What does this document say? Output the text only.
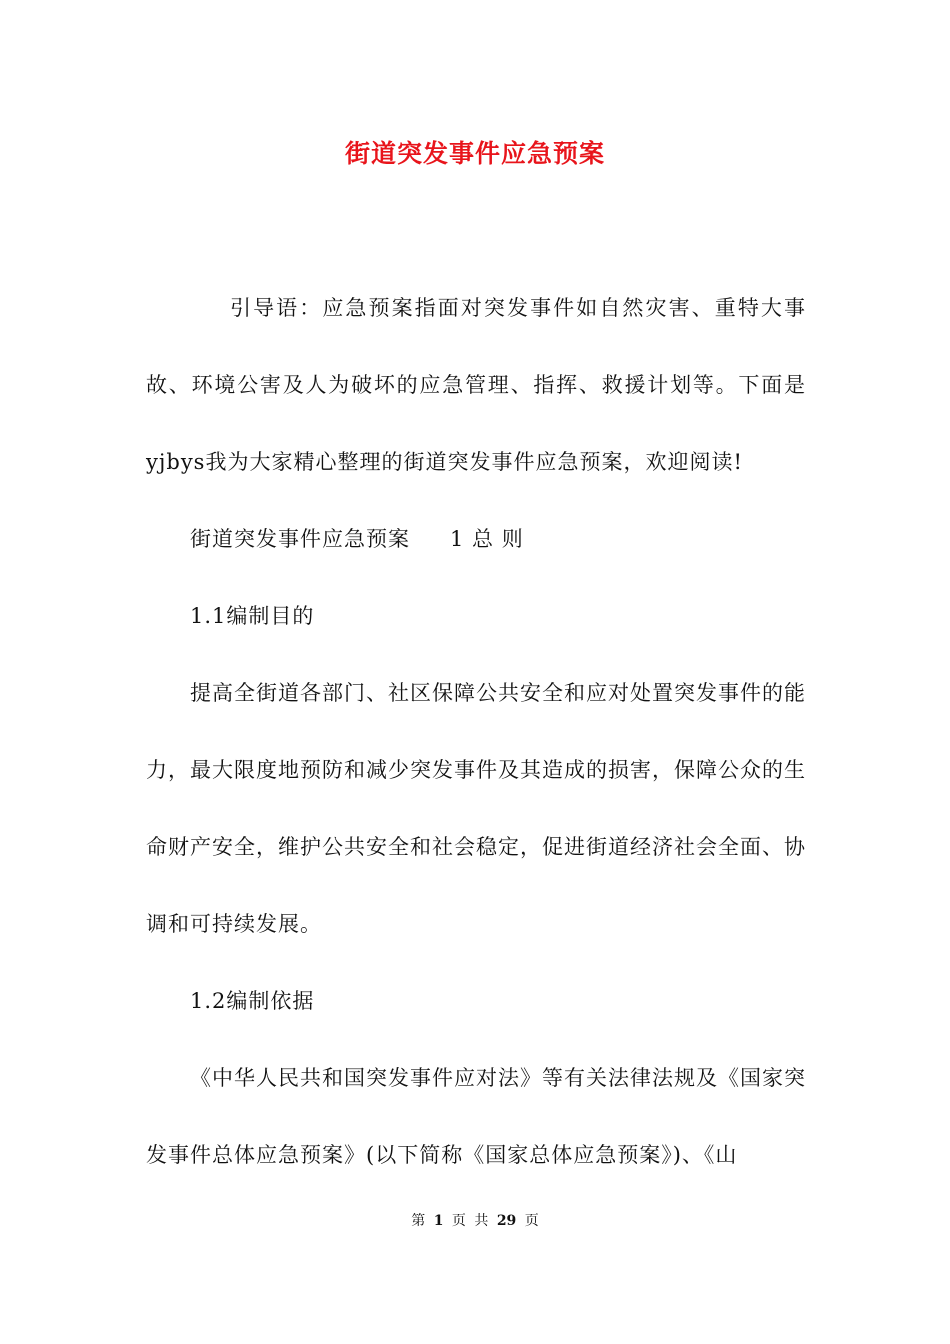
街道突发事件应急预案

引导语：应急预案指面对突发事件如自然灾害、重特大事故、环境公害及人为破坏的应急管理、指挥、救援计划等。下面是yjbys我为大家精心整理的街道突发事件应急预案，欢迎阅读!

街道突发事件应急预案 1 总 则

1.1编制目的

提高全街道各部门、社区保障公共安全和应对处置突发事件的能力，最大限度地预防和减少突发事件及其造成的损害，保障公众的生命财产安全，维护公共安全和社会稳定，促进街道经济社会全面、协调和可持续发展。

1.2编制依据

《中华人民共和国突发事件应对法》等有关法律法规及《国家突发事件总体应急预案》(以下简称《国家总体应急预案》)、《山

第 1 页 共 29 页
